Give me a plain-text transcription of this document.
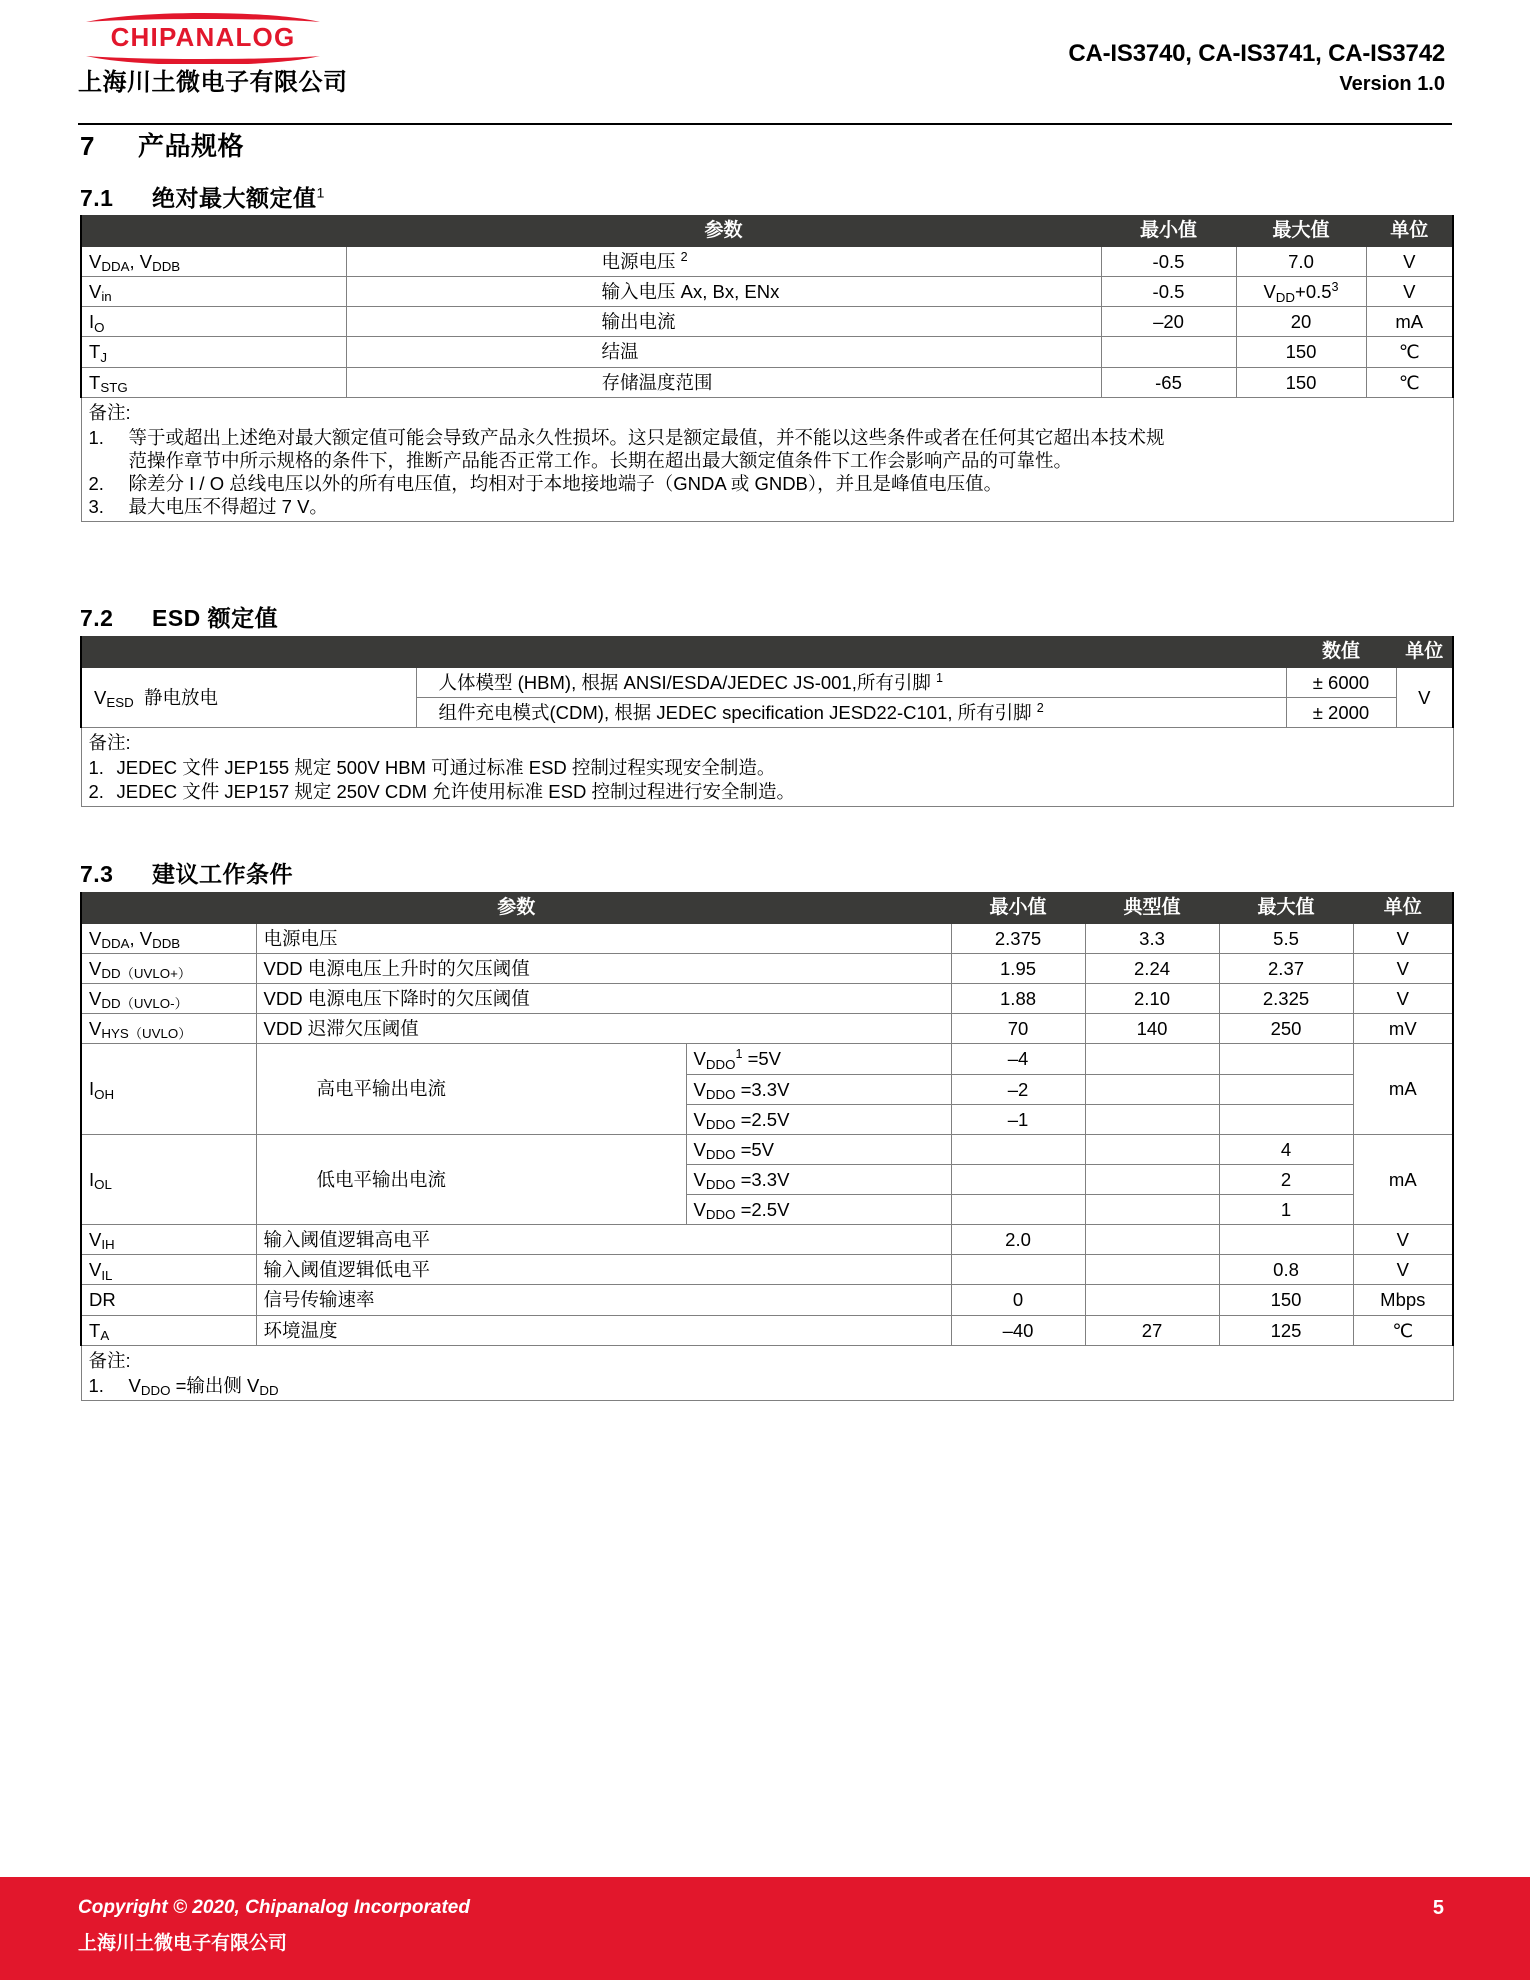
CHIPANALOG
上海川土微电子有限公司
CA-IS3740, CA-IS3741, CA-IS3742
Version 1.0
7 产品规格
7.1 绝对最大额定值$^1$
	参数	最小值	最大值	单位
$V_{DDA}$, $V_{DDB}$	电源电压 $^2$	-0.5	7.0	V
$V_{in}$	输入电压 Ax, Bx, ENx	-0.5	$V_{DD}+0.5^3$	V
$I_O$	输出电流	–20	20	mA
$T_J$	结温		150	℃
$T_{STG}$	存储温度范围	-65	150	℃

备注:
1.	等于或超出上述绝对最大额定值可能会导致产品永久性损坏。这只是额定最值，并不能以这些条件或者在任何其它超出本技术规
范操作章节中所示规格的条件下，推断产品能否正常工作。长期在超出最大额定值条件下工作会影响产品的可靠性。
2.	除差分 I / O 总线电压以外的所有电压值，均相对于本地接地端子（GNDA 或 GNDB），并且是峰值电压值。
3.	最大电压不得超过 7 V。
7.2 ESD 额定值
		数值	单位
$V_{ESD}$ 静电放电	人体模型 (HBM), 根据 ANSI/ESDA/JEDEC JS-001,所有引脚 $^1$	± 6000	V
	组件充电模式(CDM), 根据 JEDEC specification JESD22-C101, 所有引脚 $^2$	± 2000	

备注:
1. JEDEC 文件 JEP155 规定 500V HBM 可通过标准 ESD 控制过程实现安全制造。
2. JEDEC 文件 JEP157 规定 250V CDM 允许使用标准 ESD 控制过程进行安全制造。			
7.3 建议工作条件
参数			最小值	典型值	最大值	单位
$V_{DDA}$, $V_{DDB}$	电源电压		2.375	3.3	5.5	V
$V_{DD(UVLO+)}$	VDD 电源电压上升时的欠压阈值		1.95	2.24	2.37	V
$V_{DD(UVLO-)}$	VDD 电源电压下降时的欠压阈值		1.88	2.10	2.325	V
$V_{HYS(UVLO)}$	VDD 迟滞欠压阈值		70	140	250	mV
$I_{OH}$	高电平输出电流	$V_{DDO}^1 =5V$	–4			mA
		$V_{DDO} =3.3V$	–2			
		$V_{DDO} =2.5V$	–1			
$I_{OL}$	低电平输出电流	$V_{DDO} =5V$			4	mA
		$V_{DDO} =3.3V$			2	
		$V_{DDO} =2.5V$			1	
$V_{IH}$	输入阈值逻辑高电平		2.0			V
$V_{IL}$	输入阈值逻辑低电平				0.8	V
DR	信号传输速率		0		150	Mbps
$T_A$	环境温度		–40	27	125	℃

备注:
1. $V_{DDO}$ =输出侧 $V_{DD}$
Copyright © 2020, Chipanalog Incorporated
上海川土微电子有限公司
5
